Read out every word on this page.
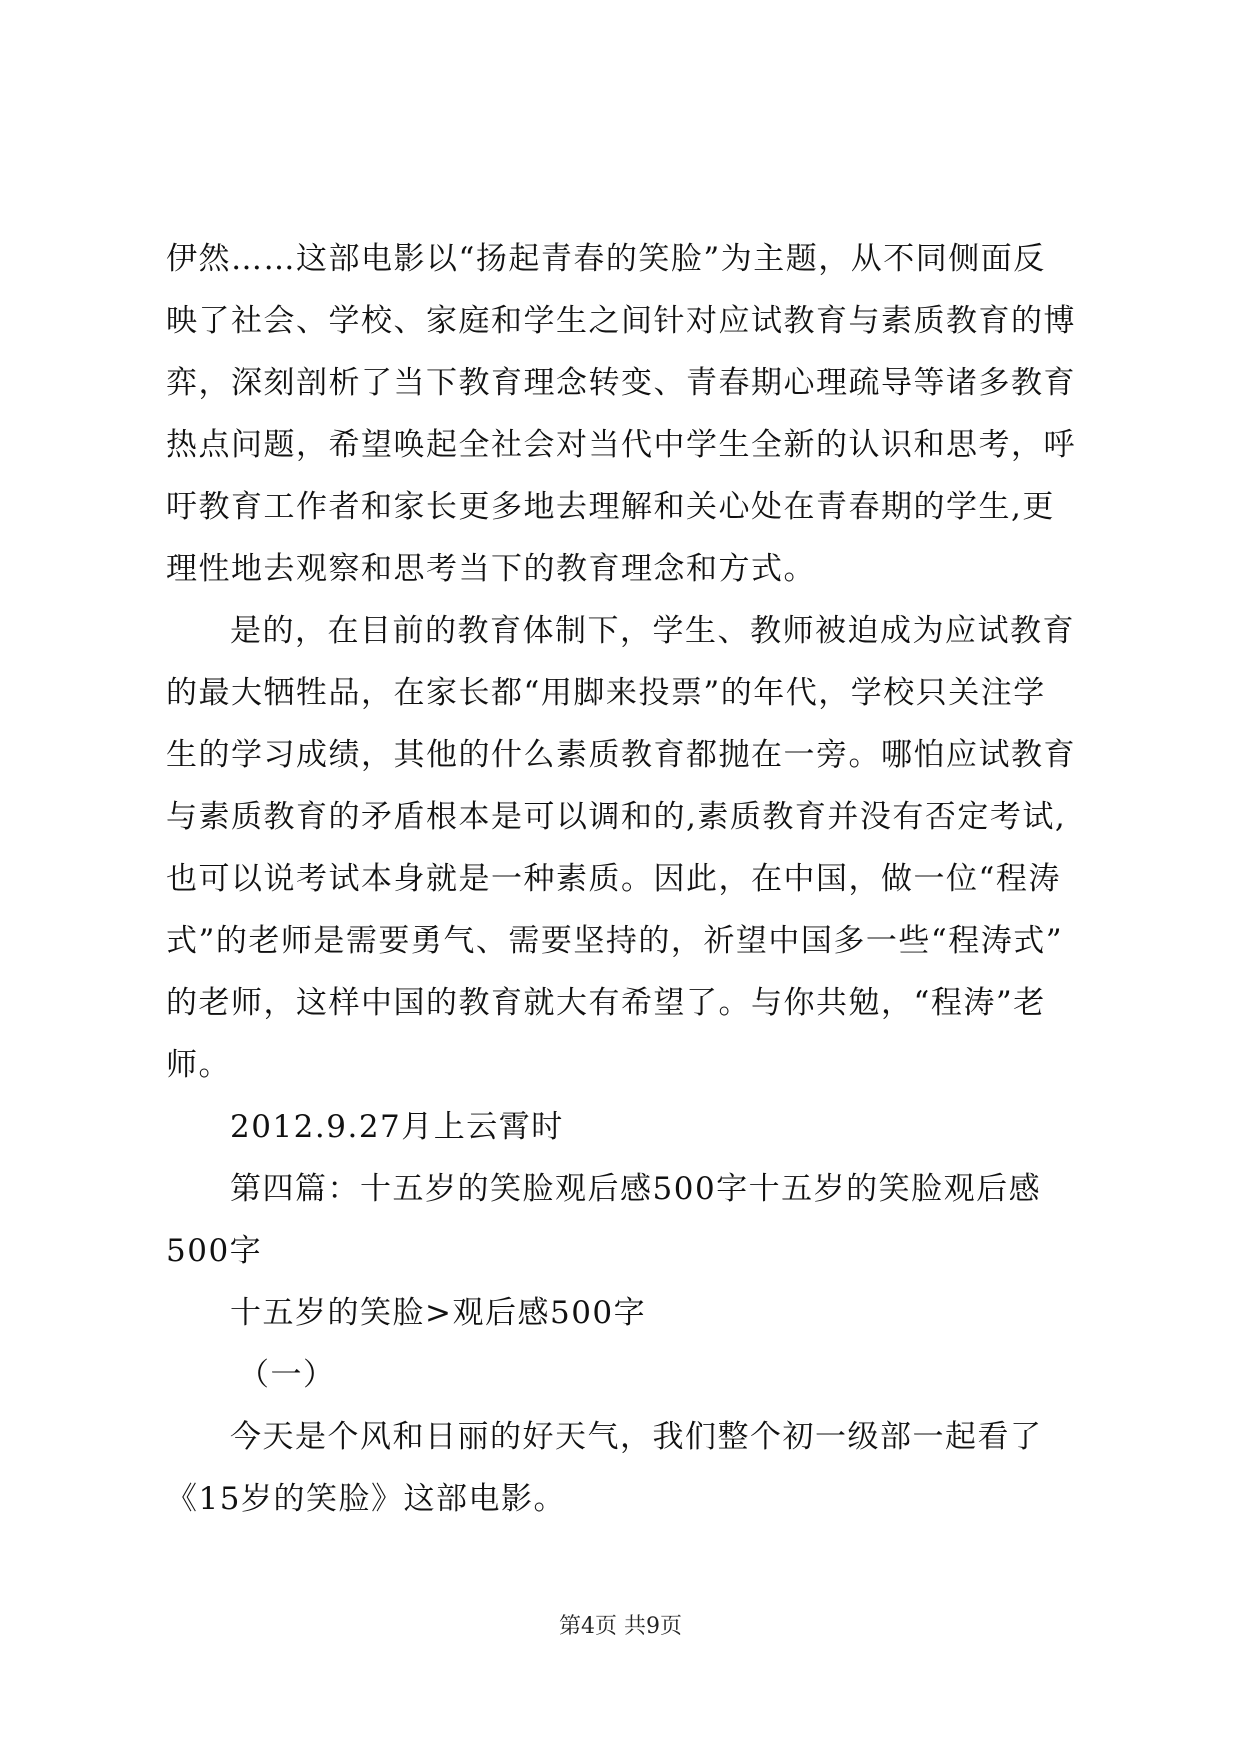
伊然……这部电影以“扬起青春的笑脸”为主题，从不同侧面反
映了社会、学校、家庭和学生之间针对应试教育与素质教育的博
弈，深刻剖析了当下教育理念转变、青春期心理疏导等诸多教育
热点问题，希望唤起全社会对当代中学生全新的认识和思考，呼
吁教育工作者和家长更多地去理解和关心处在青春期的学生,更
理性地去观察和思考当下的教育理念和方式。
是的，在目前的教育体制下，学生、教师被迫成为应试教育
的最大牺牲品，在家长都“用脚来投票”的年代，学校只关注学
生的学习成绩，其他的什么素质教育都抛在一旁。哪怕应试教育
与素质教育的矛盾根本是可以调和的,素质教育并没有否定考试,
也可以说考试本身就是一种素质。因此，在中国，做一位“程涛
式”的老师是需要勇气、需要坚持的，祈望中国多一些“程涛式”
的老师，这样中国的教育就大有希望了。与你共勉，“程涛”老
师。
2012.9.27月上云霄时
第四篇：十五岁的笑脸观后感500字十五岁的笑脸观后感
500字
十五岁的笑脸>观后感500字
（一）
今天是个风和日丽的好天气，我们整个初一级部一起看了
《15岁的笑脸》这部电影。
第4页 共9页
